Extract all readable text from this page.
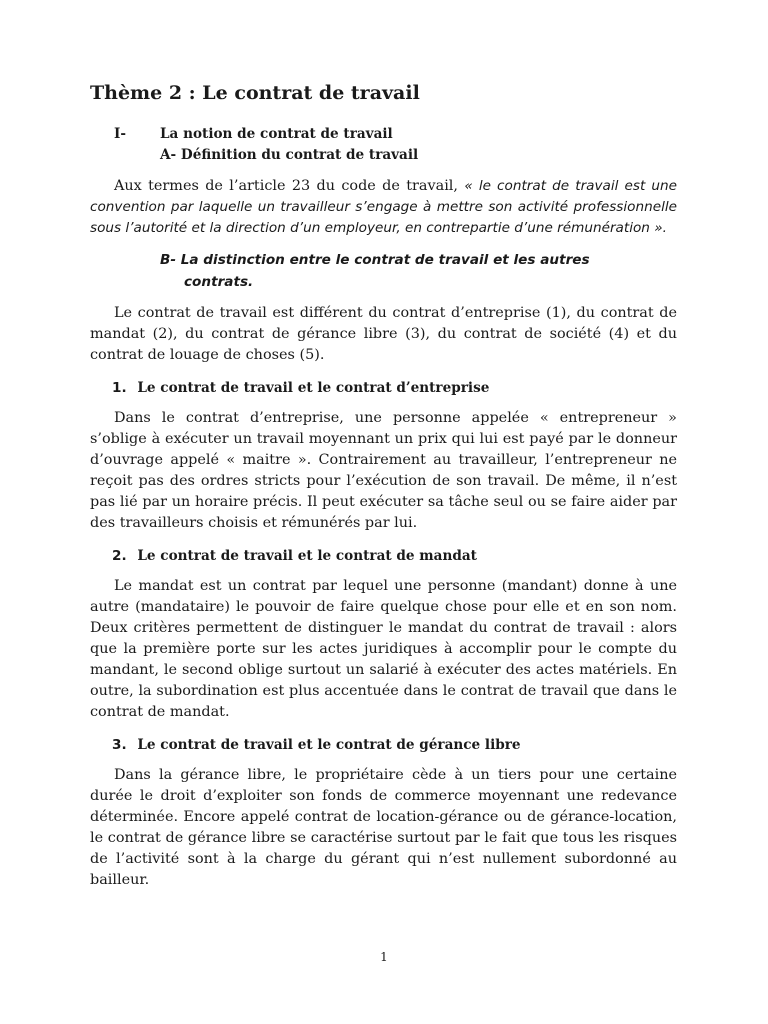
Thème 2 : Le contrat de travail
I-	La notion de contrat de travail
A- Définition du contrat de travail

Aux termes de l’article 23 du code de travail, « le contrat de travail est une convention par laquelle un travailleur s’engage à mettre son activité professionnelle sous l’autorité et la direction d’un employeur, en contrepartie d’une rémunération ».

B- La distinction entre le contrat de travail et les autres
contrats.

Le contrat de travail est différent du contrat d’entreprise (1), du contrat de mandat (2), du contrat de gérance libre (3), du contrat de société (4) et du contrat de louage de choses (5).

1. Le contrat de travail et le contrat d’entreprise

Dans le contrat d’entreprise, une personne appelée « entrepreneur » s’oblige à exécuter un travail moyennant un prix qui lui est payé par le donneur d’ouvrage appelé « maitre ». Contrairement au travailleur, l’entrepreneur ne reçoit pas des ordres stricts pour l’exécution de son travail. De même, il n’est pas lié par un horaire précis. Il peut exécuter sa tâche seul ou se faire aider par des travailleurs choisis et rémunérés par lui.

2. Le contrat de travail et le contrat de mandat

Le mandat est un contrat par lequel une personne (mandant) donne à une autre (mandataire) le pouvoir de faire quelque chose pour elle et en son nom. Deux critères permettent de distinguer le mandat du contrat de travail : alors que la première porte sur les actes juridiques à accomplir pour le compte du mandant, le second oblige surtout un salarié à exécuter des actes matériels. En outre, la subordination est plus accentuée dans le contrat de travail que dans le contrat de mandat.

3. Le contrat de travail et le contrat de gérance libre

Dans la gérance libre, le propriétaire cède à un tiers pour une certaine durée le droit d’exploiter son fonds de commerce moyennant une redevance déterminée. Encore appelé contrat de location-gérance ou de gérance-location, le contrat de gérance libre se caractérise surtout par le fait que tous les risques de l’activité sont à la charge du gérant qui n’est nullement subordonné au bailleur.

1
